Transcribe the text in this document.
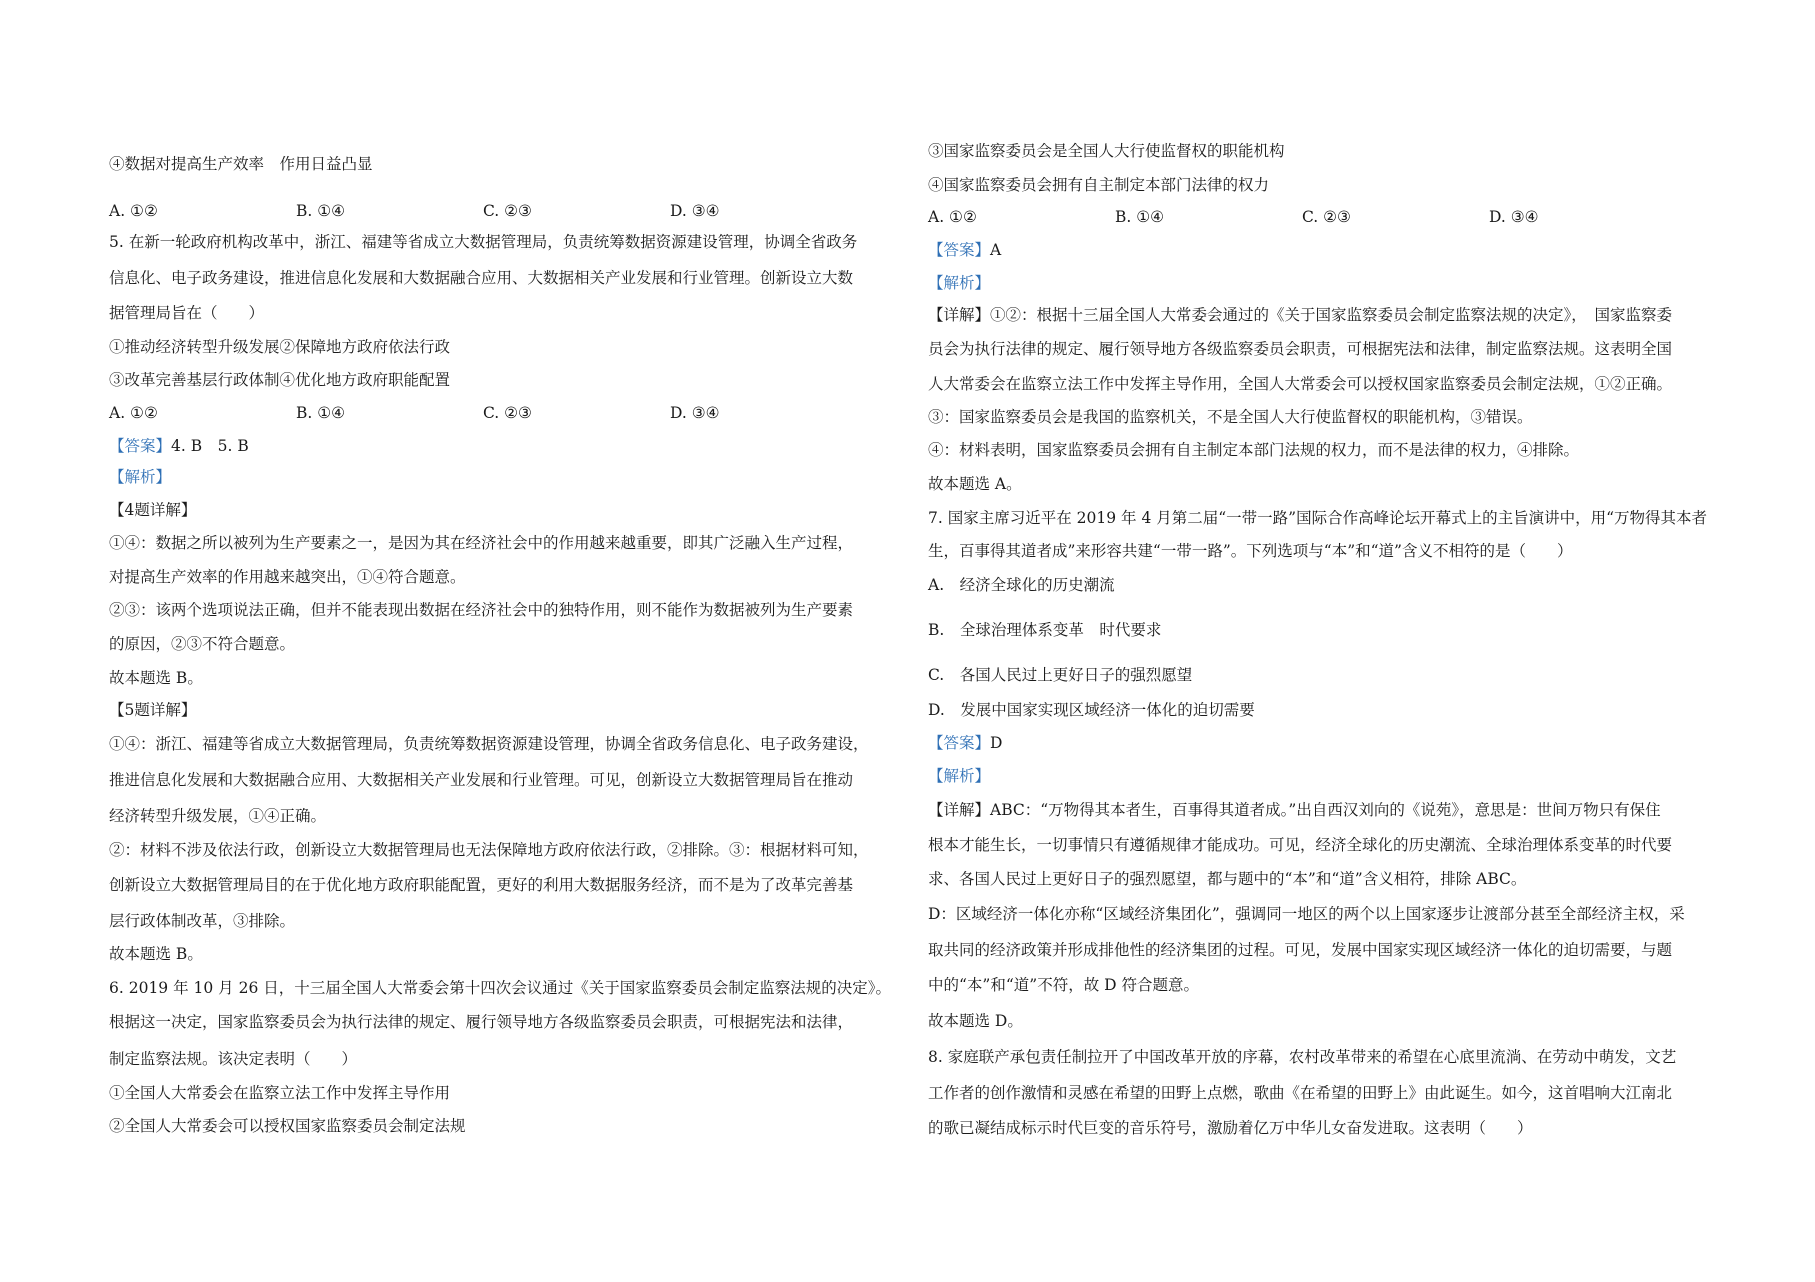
④数据对提高生产效率　作用日益凸显
A. ①②	B. ①④	C. ②③	D. ③④
5. 在新一轮政府机构改革中，浙江、福建等省成立大数据管理局，负责统筹数据资源建设管理，协调全省政务
信息化、电子政务建设，推进信息化发展和大数据融合应用、大数据相关产业发展和行业管理。创新设立大数
据管理局旨在（　　）
①推动经济转型升级发展②保障地方政府依法行政
③改革完善基层行政体制④优化地方政府职能配置
A. ①②	B. ①④	C. ②③	D. ③④
【答案】4. B　5. B
【解析】
【4题详解】
①④：数据之所以被列为生产要素之一，是因为其在经济社会中的作用越来越重要，即其广泛融入生产过程，
对提高生产效率的作用越来越突出，①④符合题意。
②③：该两个选项说法正确，但并不能表现出数据在经济社会中的独特作用，则不能作为数据被列为生产要素
的原因，②③不符合题意。
故本题选 B。
【5题详解】
①④：浙江、福建等省成立大数据管理局，负责统筹数据资源建设管理，协调全省政务信息化、电子政务建设，
推进信息化发展和大数据融合应用、大数据相关产业发展和行业管理。可见，创新设立大数据管理局旨在推动
经济转型升级发展，①④正确。
②：材料不涉及依法行政，创新设立大数据管理局也无法保障地方政府依法行政，②排除。③：根据材料可知，
创新设立大数据管理局目的在于优化地方政府职能配置，更好的利用大数据服务经济，而不是为了改革完善基
层行政体制改革，③排除。
故本题选 B。
6. 2019 年 10 月 26 日，十三届全国人大常委会第十四次会议通过《关于国家监察委员会制定监察法规的决定》。
根据这一决定，国家监察委员会为执行法律的规定、履行领导地方各级监察委员会职责，可根据宪法和法律，
制定监察法规。该决定表明（　　）
①全国人大常委会在监察立法工作中发挥主导作用
②全国人大常委会可以授权国家监察委员会制定法规
③国家监察委员会是全国人大行使监督权的职能机构
④国家监察委员会拥有自主制定本部门法律的权力
A. ①②	B. ①④	C. ②③	D. ③④
【答案】A
【解析】
【详解】①②：根据十三届全国人大常委会通过的《关于国家监察委员会制定监察法规的决定》，　国家监察委
员会为执行法律的规定、履行领导地方各级监察委员会职责，可根据宪法和法律，制定监察法规。这表明全国
人大常委会在监察立法工作中发挥主导作用，全国人大常委会可以授权国家监察委员会制定法规，①②正确。
③：国家监察委员会是我国的监察机关，不是全国人大行使监督权的职能机构，③错误。
④：材料表明，国家监察委员会拥有自主制定本部门法规的权力，而不是法律的权力，④排除。
故本题选 A。
7. 国家主席习近平在 2019 年 4 月第二届“一带一路”国际合作高峰论坛开幕式上的主旨演讲中，用“万物得其本者
生，百事得其道者成”来形容共建“一带一路”。下列选项与“本”和“道”含义不相符的是（　　）
A.　经济全球化的历史潮流
B.　全球治理体系变革　时代要求
C.　各国人民过上更好日子的强烈愿望
D.　发展中国家实现区域经济一体化的迫切需要
【答案】D
【解析】
【详解】ABC：“万物得其本者生，百事得其道者成。”出自西汉刘向的《说苑》，意思是：世间万物只有保住
根本才能生长，一切事情只有遵循规律才能成功。可见，经济全球化的历史潮流、全球治理体系变革的时代要
求、各国人民过上更好日子的强烈愿望，都与题中的“本”和“道”含义相符，排除 ABC。
D：区域经济一体化亦称“区域经济集团化”，强调同一地区的两个以上国家逐步让渡部分甚至全部经济主权，采
取共同的经济政策并形成排他性的经济集团的过程。可见，发展中国家实现区域经济一体化的迫切需要，与题
中的“本”和“道”不符，故 D 符合题意。
故本题选 D。
8. 家庭联产承包责任制拉开了中国改革开放的序幕，农村改革带来的希望在心底里流淌、在劳动中萌发，文艺
工作者的创作激情和灵感在希望的田野上点燃，歌曲《在希望的田野上》由此诞生。如今，这首唱响大江南北
的歌已凝结成标示时代巨变的音乐符号，激励着亿万中华儿女奋发进取。这表明（　　）
